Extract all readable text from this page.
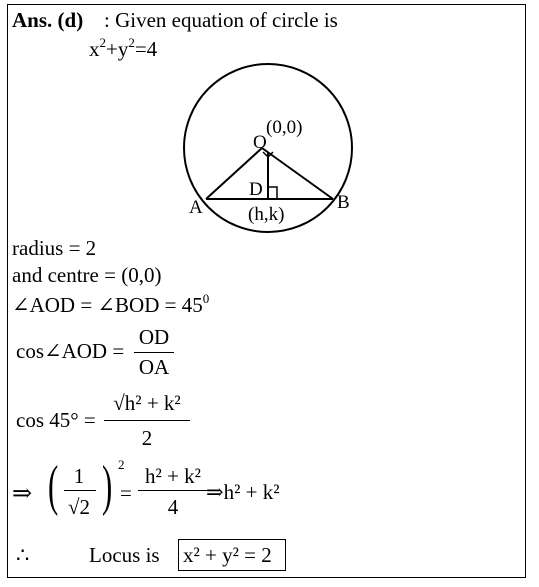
Ans. (d) : Given equation of circle is
$x^2+y^2=4$
(0,0)
O
D
A	B
(h,k)
radius = 2
and centre = (0,0)
∠AOD = ∠BOD = $45^0$
cos∠AOD =
OD
OA
cos 45° =
√h² + k²
2
⇒ ( 1
√2 ) 2
=
h² + k²
4
⇒h² + k²
∴	Locus is x² + y² = 2
